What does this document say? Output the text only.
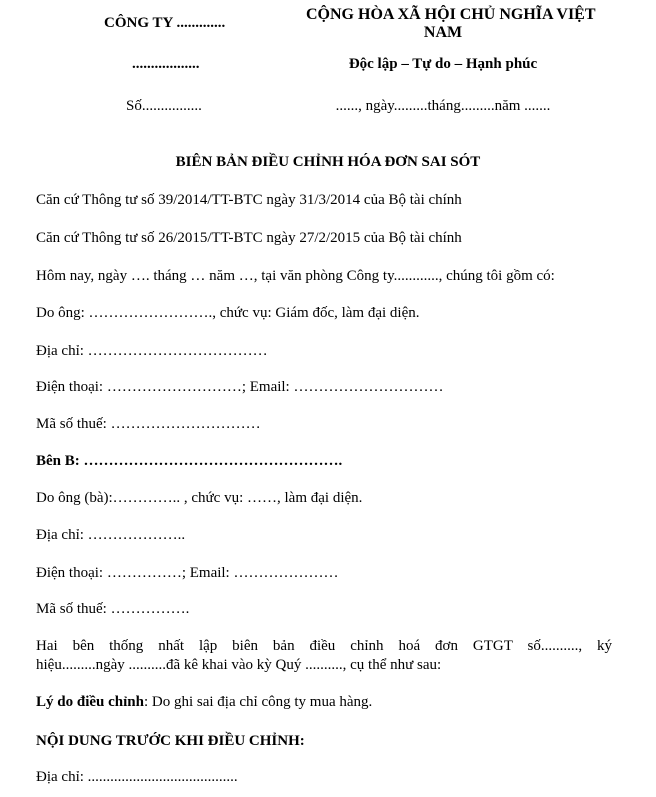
CÔNG TY .............
..................
Số................
CỘNG HÒA XÃ HỘI CHỦ NGHĨA VIỆT
NAM
Độc lập – Tự do – Hạnh phúc
......, ngày.........tháng.........năm .......
BIÊN BẢN ĐIỀU CHỈNH HÓA ĐƠN SAI SÓT
Căn cứ Thông tư số 39/2014/TT-BTC ngày 31/3/2014 của Bộ tài chính
Căn cứ Thông tư số 26/2015/TT-BTC ngày 27/2/2015 của Bộ tài chính
Hôm nay, ngày …. tháng … năm …, tại văn phòng Công ty............, chúng tôi gồm có:
Do ông: ……………………., chức vụ: Giám đốc, làm đại diện.
Địa chỉ: ………………………………
Điện thoại: ………………………; Email: …………………………
Mã số thuế: …………………………
Bên B: …………………………………………….
Do ông (bà):………….. , chức vụ: ……, làm đại diện.
Địa chỉ: ………………..
Điện thoại: ……………; Email: …………………
Mã số thuế: …………….
Hai bên thống nhất lập biên bản điều chỉnh hoá đơn GTGT số.........., ký
hiệu.........ngày ..........đã kê khai vào kỳ Quý .........., cụ thể như sau:
Lý do điều chỉnh: Do ghi sai địa chỉ công ty mua hàng.
NỘI DUNG TRƯỚC KHI ĐIỀU CHỈNH:
Địa chỉ: ........................................
